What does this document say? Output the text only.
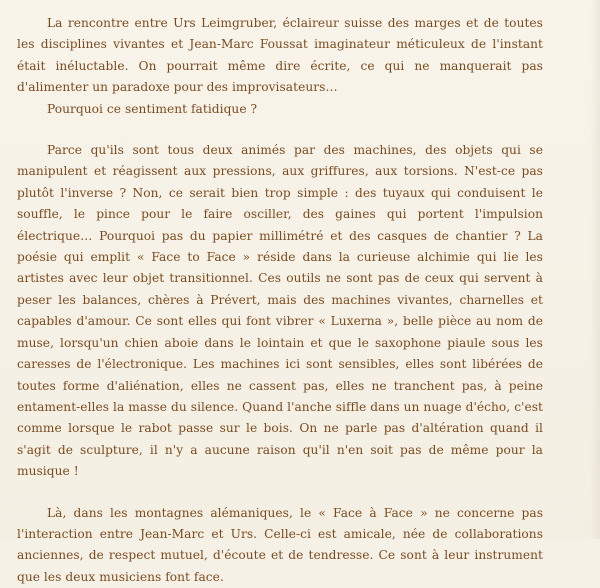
La rencontre entre Urs Leimgruber, éclaireur suisse des marges et de toutes les disciplines vivantes et Jean-Marc Foussat imaginateur méticuleux de l'instant était inéluctable. On pourrait même dire écrite, ce qui ne manquerait pas d'alimenter un paradoxe pour des improvisateurs…

Pourquoi ce sentiment fatidique ?

Parce qu'ils sont tous deux animés par des machines, des objets qui se manipulent et réagissent aux pressions, aux griffures, aux torsions. N'est-ce pas plutôt l'inverse ? Non, ce serait bien trop simple : des tuyaux qui conduisent le souffle, le pince pour le faire osciller, des gaines qui portent l'impulsion électrique… Pourquoi pas du papier millimétré et des casques de chantier ? La poésie qui emplit « Face to Face » réside dans la curieuse alchimie qui lie les artistes avec leur objet transitionnel. Ces outils ne sont pas de ceux qui servent à peser les balances, chères à Prévert, mais des machines vivantes, charnelles et capables d'amour. Ce sont elles qui font vibrer « Luxerna », belle pièce au nom de muse, lorsqu'un chien aboie dans le lointain et que le saxophone piaule sous les caresses de l'électronique. Les machines ici sont sensibles, elles sont libérées de toutes forme d'aliénation, elles ne cassent pas, elles ne tranchent pas, à peine entament-elles la masse du silence. Quand l'anche siffle dans un nuage d'écho, c'est comme lorsque le rabot passe sur le bois. On ne parle pas d'altération quand il s'agit de sculpture, il n'y a aucune raison qu'il n'en soit pas de même pour la musique !

Là, dans les montagnes alémaniques, le « Face à Face » ne concerne pas l'interaction entre Jean-Marc et Urs. Celle-ci est amicale, née de collaborations anciennes, de respect mutuel, d'écoute et de tendresse. Ce sont à leur instrument que les deux musiciens font face.
